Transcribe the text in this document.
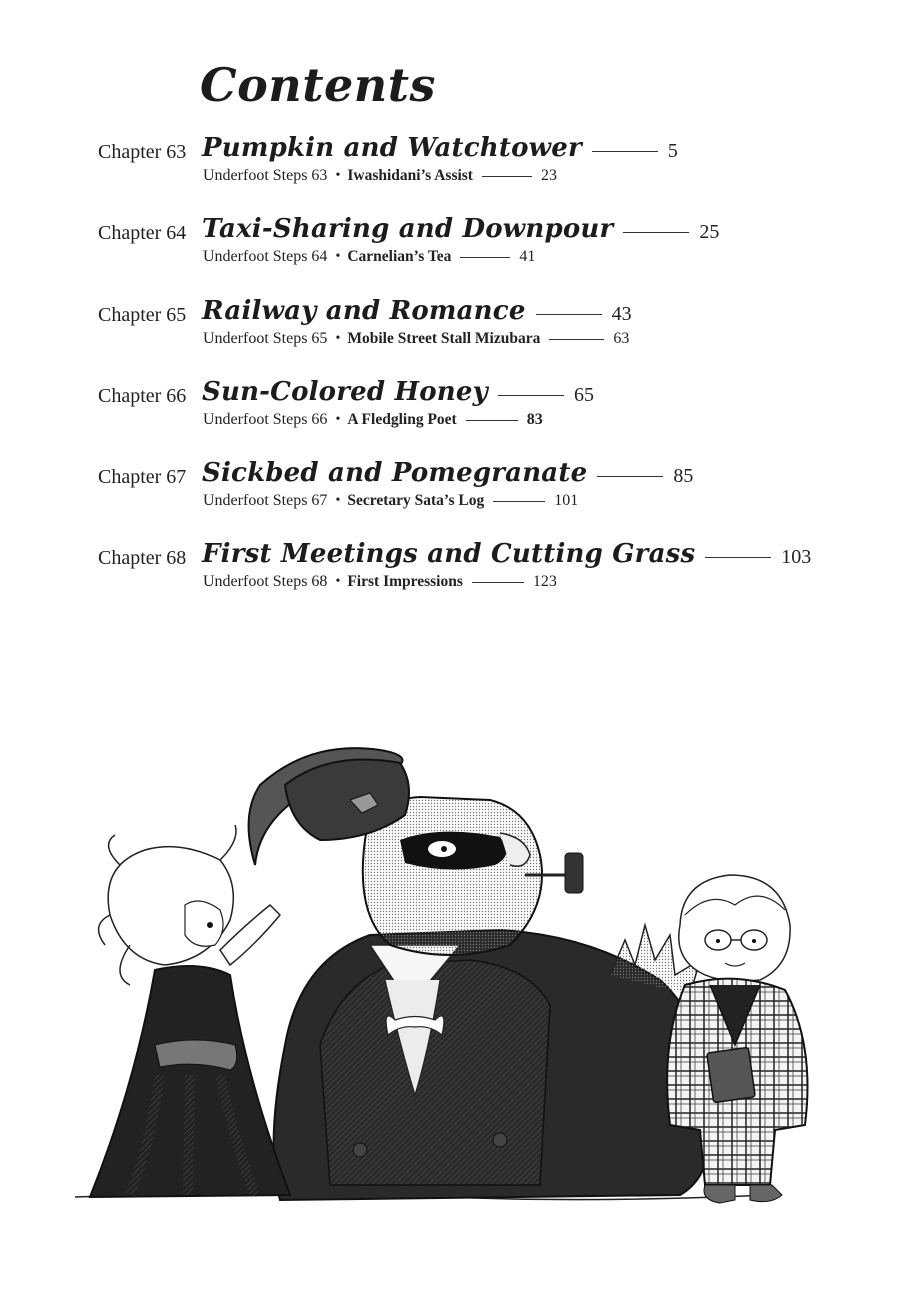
Contents
Chapter 63 Pumpkin and Watchtower	5
Underfoot Steps 63 • Iwashidani’s Assist	23
Chapter 64 Taxi-Sharing and Downpour	25
Underfoot Steps 64 • Carnelian’s Tea	41
Chapter 65 Railway and Romance	43
Underfoot Steps 65 • Mobile Street Stall Mizubara	63
Chapter 66 Sun-Colored Honey	65
Underfoot Steps 66 • A Fledgling Poet	83
Chapter 67 Sickbed and Pomegranate	85
Underfoot Steps 67 • Secretary Sata’s Log	101
Chapter 68 First Meetings and Cutting Grass	103
Underfoot Steps 68 • First Impressions	123
